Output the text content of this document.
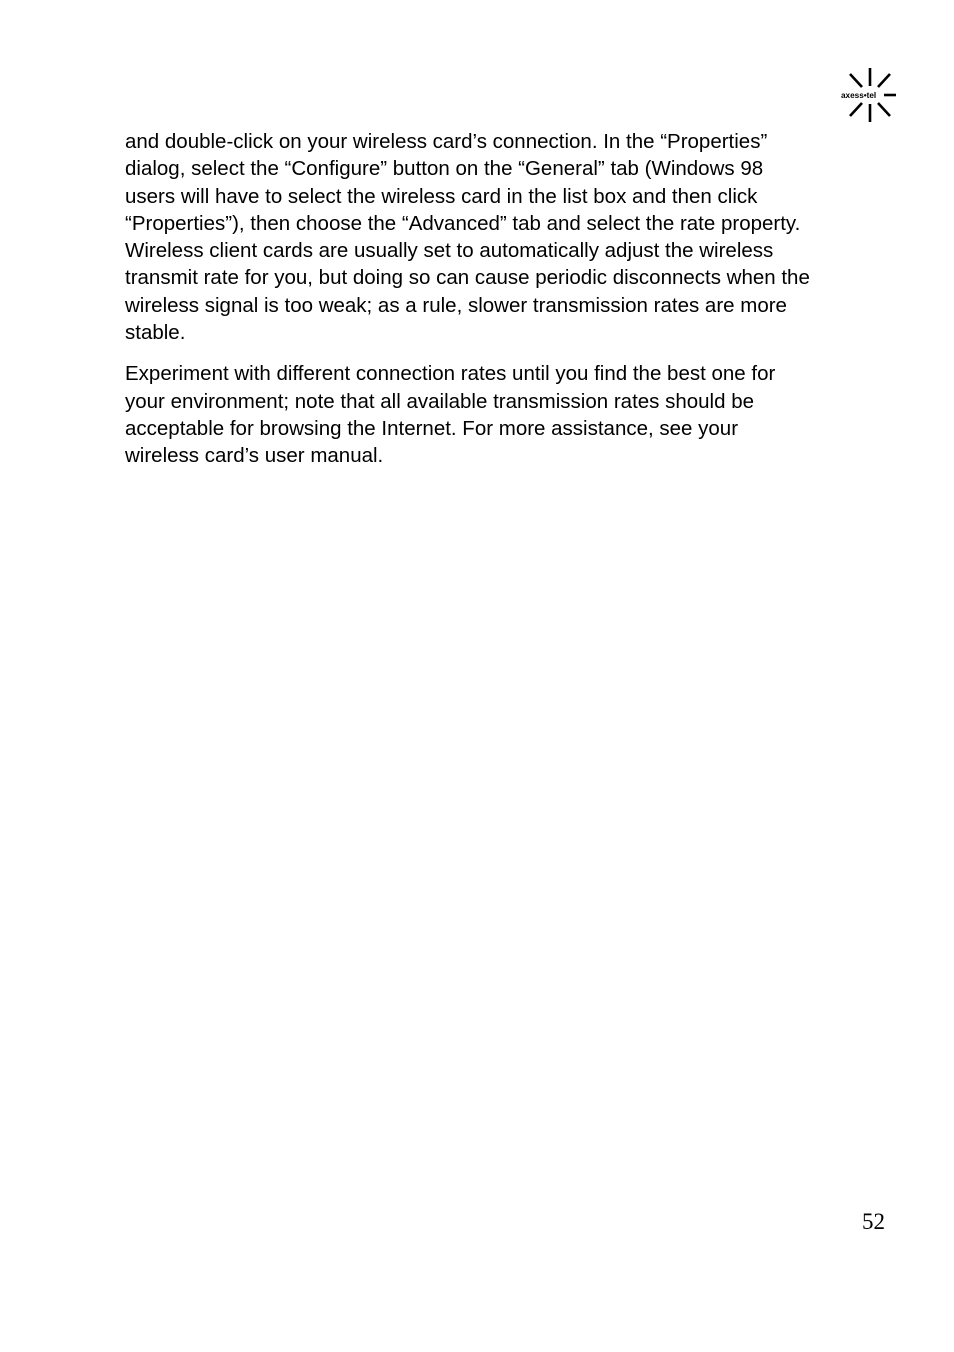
axess•tel

and double-click on your wireless card’s connection. In the “Properties”
dialog, select the “Configure” button on the “General” tab (Windows 98
users will have to select the wireless card in the list box and then click
“Properties”), then choose the “Advanced” tab and select the rate property.
Wireless client cards are usually set to automatically adjust the wireless
transmit rate for you, but doing so can cause periodic disconnects when the
wireless signal is too weak; as a rule, slower transmission rates are more
stable.

Experiment with different connection rates until you find the best one for
your environment; note that all available transmission rates should be
acceptable for browsing the Internet. For more assistance, see your
wireless card’s user manual.

52
